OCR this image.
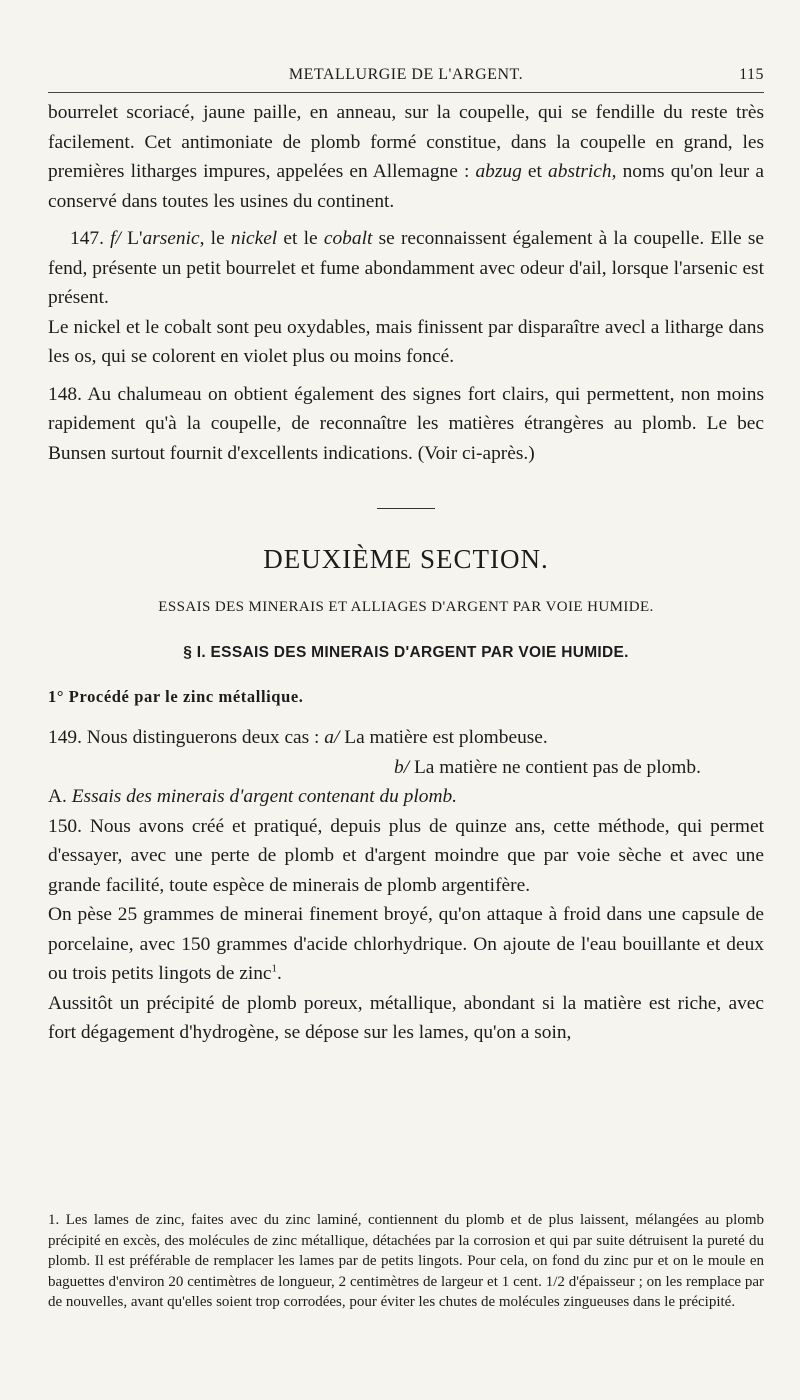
METALLURGIE DE L'ARGENT.	115

bourrelet scoriacé, jaune paille, en anneau, sur la coupelle, qui se fendille du reste très facilement. Cet antimoniate de plomb formé constitue, dans la coupelle en grand, les premières litharges impures, appelées en Allemagne : abzug et abstrich, noms qu'on leur a conservé dans toutes les usines du continent.

147. f/ L'arsenic, le nickel et le cobalt se reconnaissent également à la coupelle. Elle se fend, présente un petit bourrelet et fume abondamment avec odeur d'ail, lorsque l'arsenic est présent.

Le nickel et le cobalt sont peu oxydables, mais finissent par disparaître avecl a litharge dans les os, qui se colorent en violet plus ou moins foncé.

148. Au chalumeau on obtient également des signes fort clairs, qui permettent, non moins rapidement qu'à la coupelle, de reconnaître les matières étrangères au plomb. Le bec Bunsen surtout fournit d'excellents indications. (Voir ci-après.)

DEUXIÈME SECTION.
ESSAIS DES MINERAIS ET ALLIAGES D'ARGENT PAR VOIE HUMIDE.
§ I. ESSAIS DES MINERAIS D'ARGENT PAR VOIE HUMIDE.
1° Procédé par le zinc métallique.

149. Nous distinguerons deux cas : a/ La matière est plombeuse.

b/ La matière ne contient pas de plomb.

A. Essais des minerais d'argent contenant du plomb.

150. Nous avons créé et pratiqué, depuis plus de quinze ans, cette méthode, qui permet d'essayer, avec une perte de plomb et d'argent moindre que par voie sèche et avec une grande facilité, toute espèce de minerais de plomb argentifère.

On pèse 25 grammes de minerai finement broyé, qu'on attaque à froid dans une capsule de porcelaine, avec 150 grammes d'acide chlorhydrique. On ajoute de l'eau bouillante et deux ou trois petits lingots de zinc$^1$.

Aussitôt un précipité de plomb poreux, métallique, abondant si la matière est riche, avec fort dégagement d'hydrogène, se dépose sur les lames, qu'on a soin,

1. Les lames de zinc, faites avec du zinc laminé, contiennent du plomb et de plus laissent, mélangées au plomb précipité en excès, des molécules de zinc métallique, détachées par la corrosion et qui par suite détruisent la pureté du plomb. Il est préférable de remplacer les lames par de petits lingots. Pour cela, on fond du zinc pur et on le moule en baguettes d'environ 20 centimètres de longueur, 2 centimètres de largeur et 1 cent. 1/2 d'épaisseur ; on les remplace par de nouvelles, avant qu'elles soient trop corrodées, pour éviter les chutes de molécules zingueuses dans le précipité.
